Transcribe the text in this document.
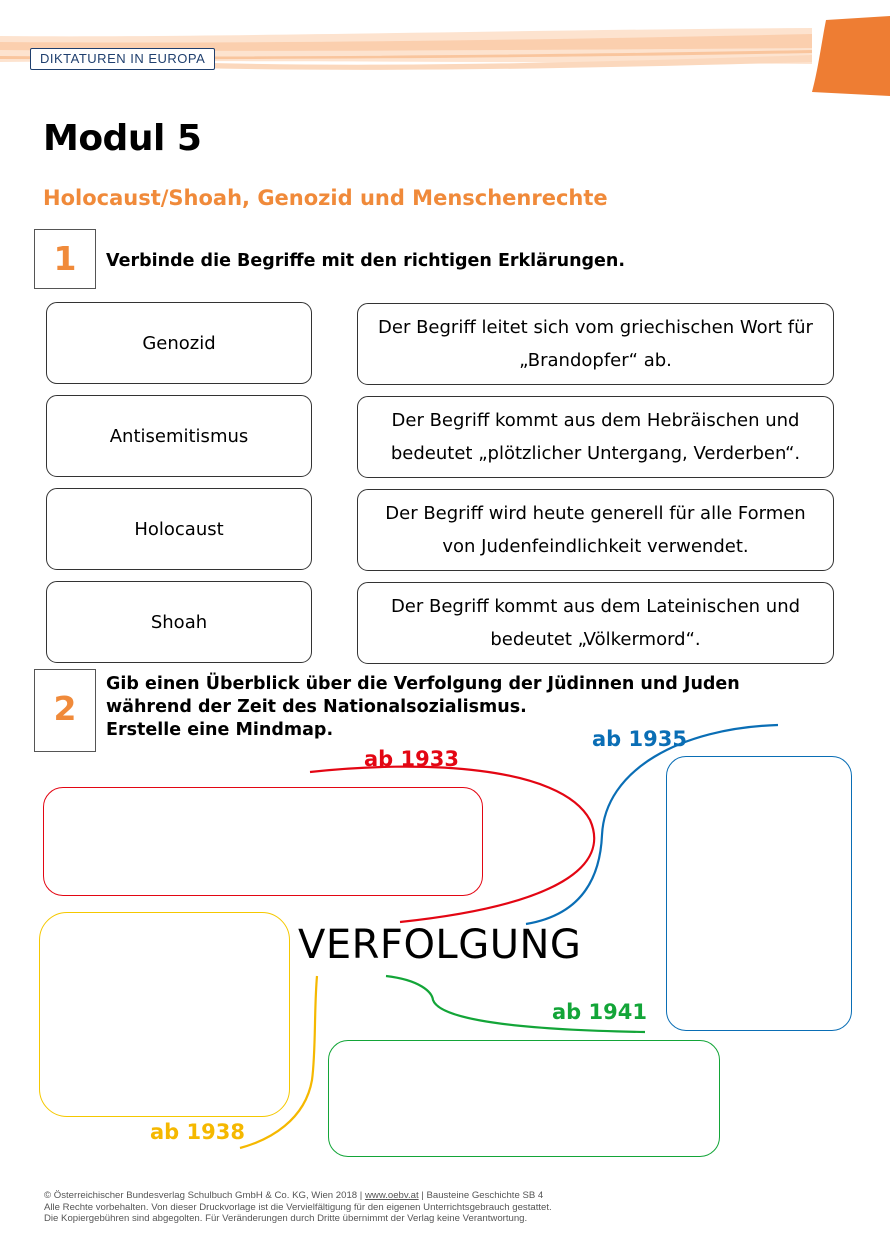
DIKTATUREN IN EUROPA
Modul 5
Holocaust/Shoah, Genozid und Menschenrechte
1	Verbinde die Begriffe mit den richtigen Erklärungen.
Genozid
Antisemitismus
Holocaust
Shoah
Der Begriff leitet sich vom griechischen Wort für
„Brandopfer“ ab.
Der Begriff kommt aus dem Hebräischen und
bedeutet „plötzlicher Untergang, Verderben“.
Der Begriff wird heute generell für alle Formen
von Judenfeindlichkeit verwendet.
Der Begriff kommt aus dem Lateinischen und
bedeutet „Völkermord“.
2
Gib einen Überblick über die Verfolgung der Jüdinnen und Juden
während der Zeit des Nationalsozialismus.
Erstelle eine Mindmap.
VERFOLGUNG
ab 1933
ab 1935
ab 1938
ab 1941
© Österreichischer Bundesverlag Schulbuch GmbH & Co. KG, Wien 2018 | www.oebv.at | Bausteine Geschichte SB 4
Alle Rechte vorbehalten. Von dieser Druckvorlage ist die Vervielfältigung für den eigenen Unterrichtsgebrauch gestattet.
Die Kopiergebühren sind abgegolten. Für Veränderungen durch Dritte übernimmt der Verlag keine Verantwortung.
